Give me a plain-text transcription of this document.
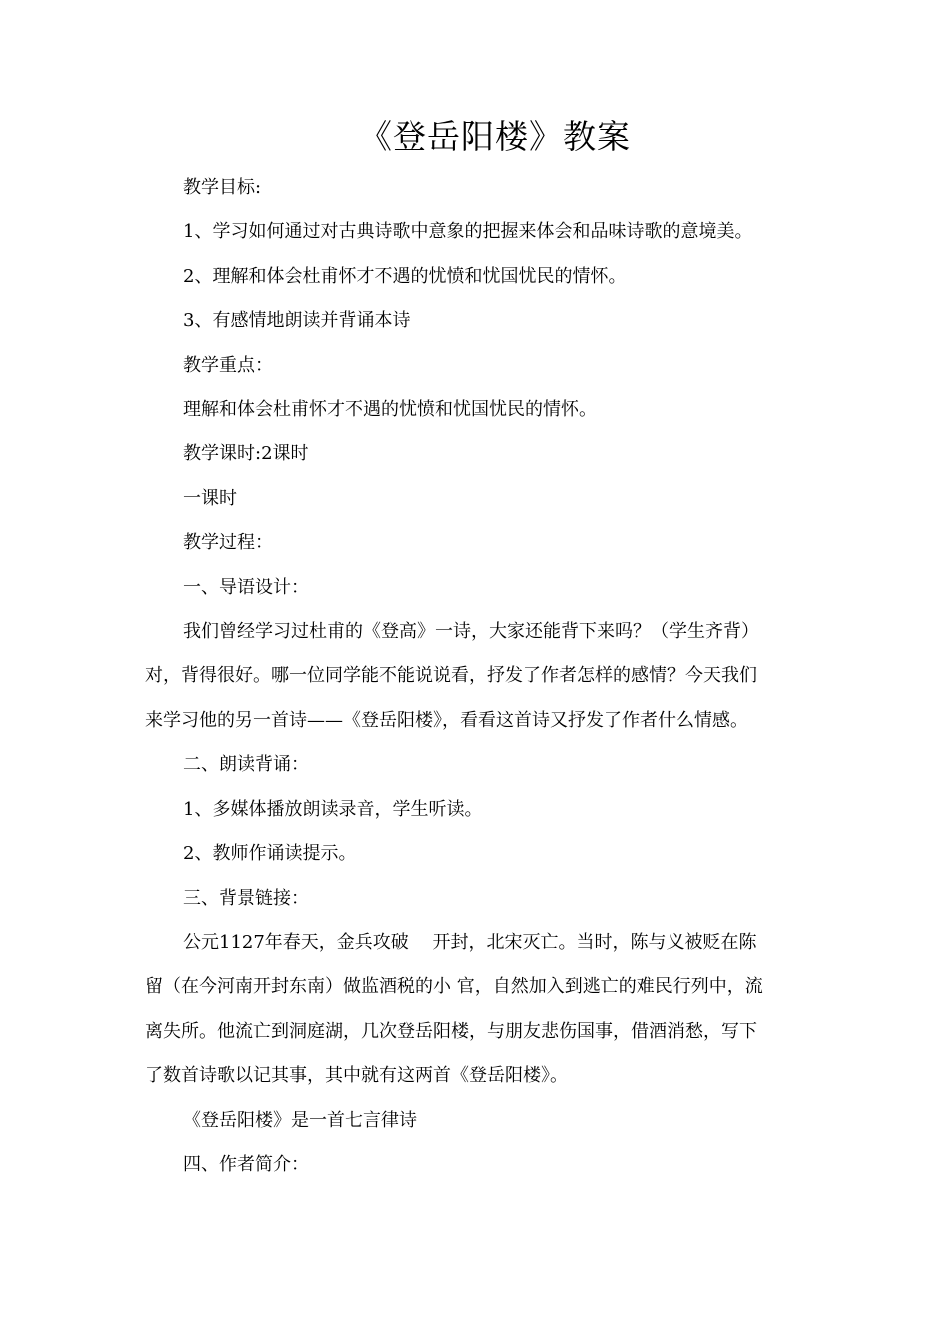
《登岳阳楼》教案

教学目标:

1、学习如何通过对古典诗歌中意象的把握来体会和品味诗歌的意境美。

2、理解和体会杜甫怀才不遇的忧愤和忧国忧民的情怀。

3、有感情地朗读并背诵本诗

教学重点：

理解和体会杜甫怀才不遇的忧愤和忧国忧民的情怀。

教学课时:2课时

一课时

教学过程：

一、导语设计：

我们曾经学习过杜甫的《登高》一诗，大家还能背下来吗？（学生齐背）
对，背得很好。哪一位同学能不能说说看，抒发了作者怎样的感情？今天我们
来学习他的另一首诗——《登岳阳楼》，看看这首诗又抒发了作者什么情感。

二、朗读背诵：

1、多媒体播放朗读录音，学生听读。

2、教师作诵读提示。

三、背景链接：

公元1127年春天，金兵攻破　 开封，北宋灭亡。当时，陈与义被贬在陈
留（在今河南开封东南）做监酒税的小 官，自然加入到逃亡的难民行列中，流
离失所。他流亡到洞庭湖，几次登岳阳楼，与朋友悲伤国事，借酒消愁，写下
了数首诗歌以记其事，其中就有这两首《登岳阳楼》。

《登岳阳楼》是一首七言律诗

四、作者简介：
